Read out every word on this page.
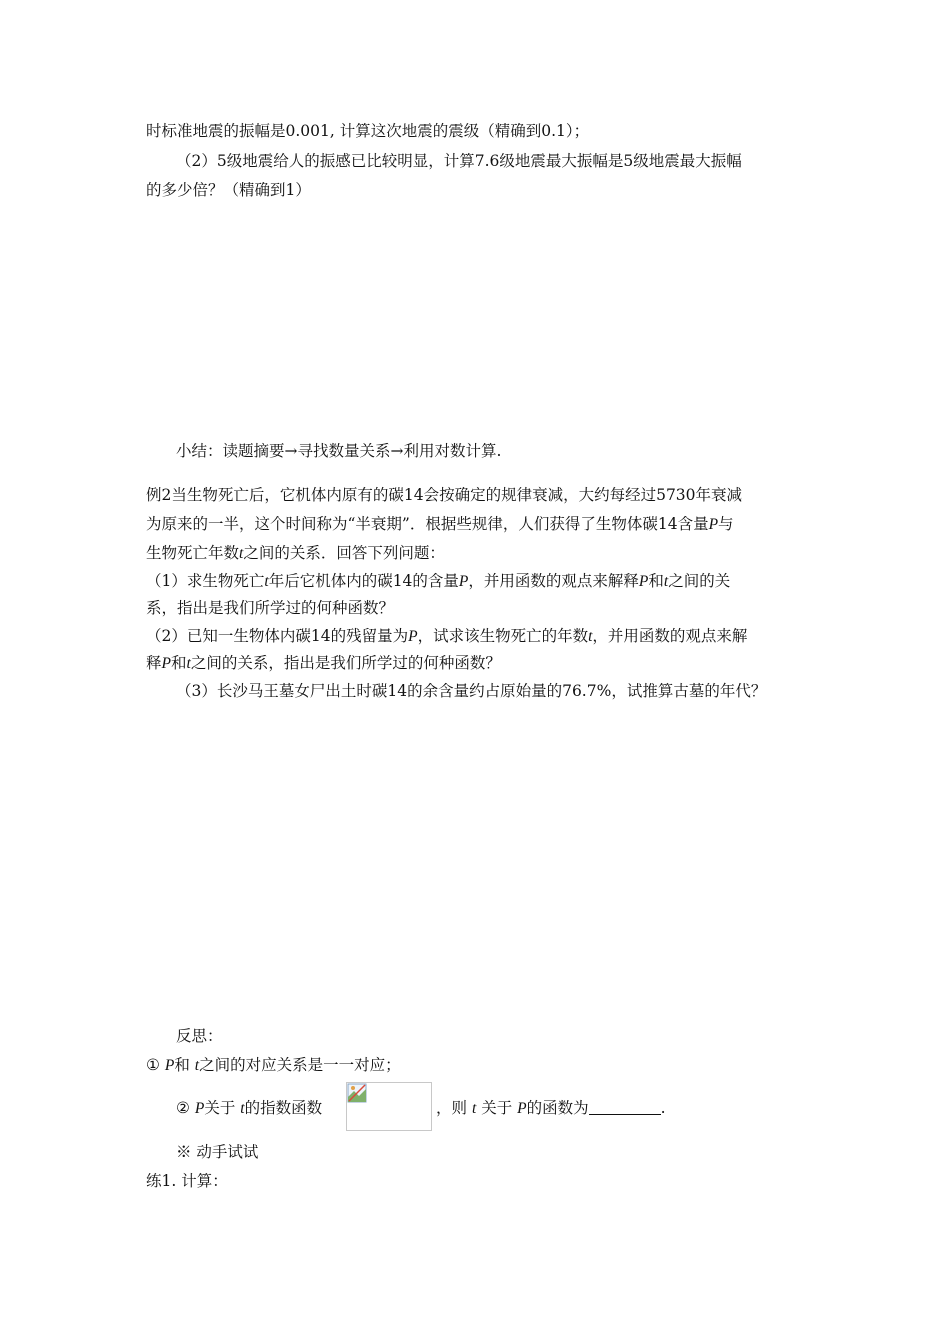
时标准地震的振幅是0.001, 计算这次地震的震级（精确到0.1）；
（2）5级地震给人的振感已比较明显，计算7.6级地震最大振幅是5级地震最大振幅
的多少倍？（精确到1）
小结：读题摘要→寻找数量关系→利用对数计算.
例2当生物死亡后，它机体内原有的碳14会按确定的规律衰减，大约每经过5730年衰减
为原来的一半，这个时间称为“半衰期”．根据些规律，人们获得了生物体碳14含量P与
生物死亡年数t之间的关系．回答下列问题：
（1）求生物死亡t年后它机体内的碳14的含量P，并用函数的观点来解释P和t之间的关
系，指出是我们所学过的何种函数？
（2）已知一生物体内碳14的残留量为P，试求该生物死亡的年数t，并用函数的观点来解
释P和t之间的关系，指出是我们所学过的何种函数？
（3）长沙马王墓女尸出土时碳14的余含量约占原始量的76.7%，试推算古墓的年代？
反思：
① P和 t之间的对应关系是一一对应；
② P关于 t的指数函数	，则 t 关于 P的函数为	.
※ 动手试试
练1. 计算：
